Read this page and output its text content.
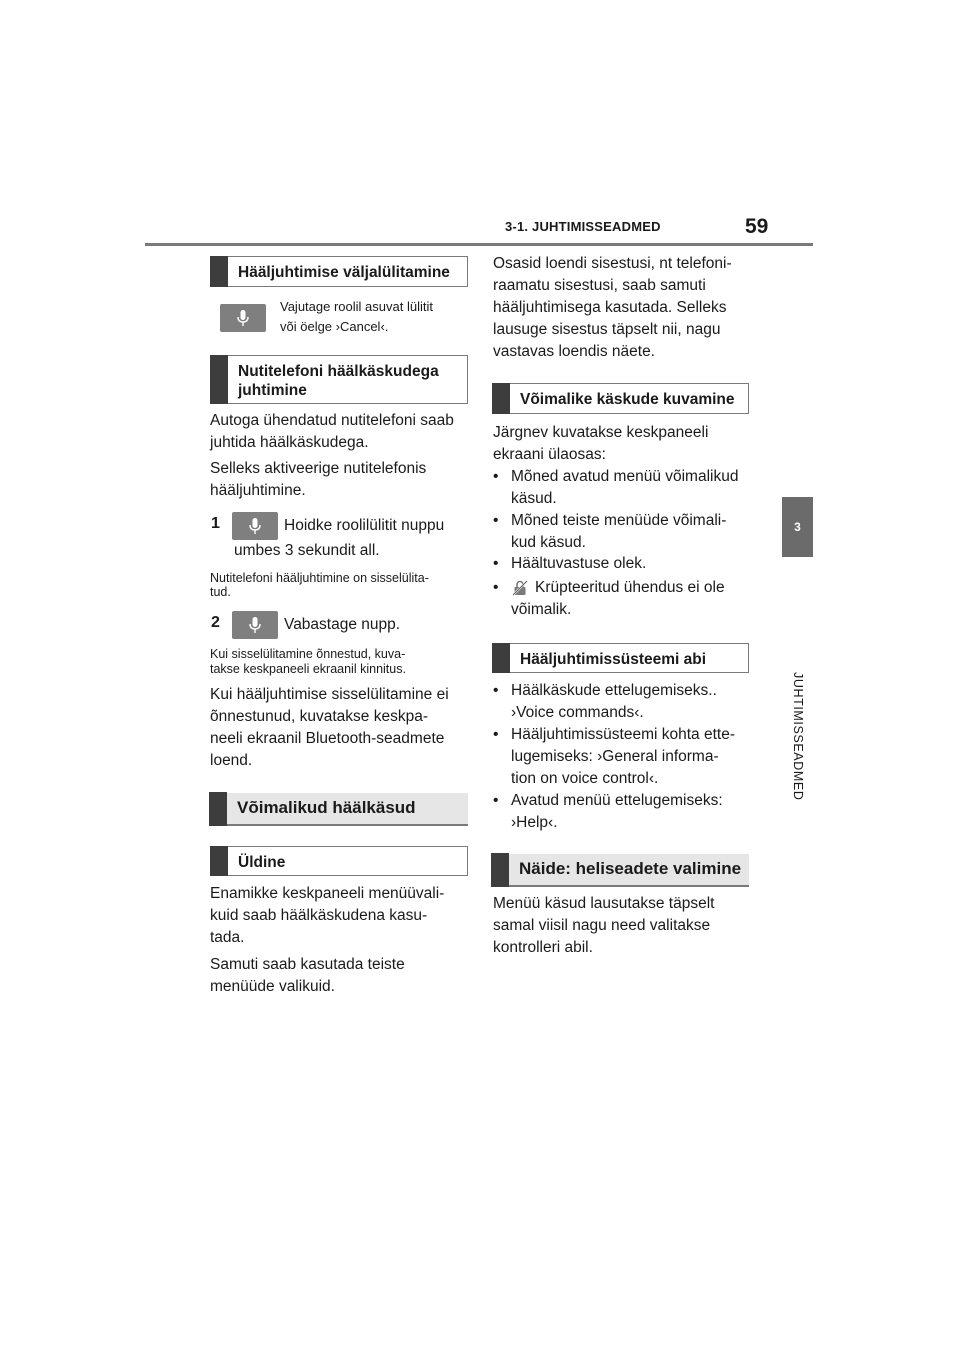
3-1. JUHTIMISSEADMED	59
3
JUHTIMISSEADMED
Hääljuhtimise väljalülitamine
Vajutage roolil asuvat lülitit
või öelge ›Cancel‹.
Nutitelefoni häälkäskudega
juhtimine
Autoga ühendatud nutitelefoni saab
juhtida häälkäskudega.
Selleks aktiveerige nutitelefonis
hääljuhtimine.
1	Hoidke roolilülitit nuppu
umbes 3 sekundit all.
Nutitelefoni hääljuhtimine on sisselülita-
tud.
2	Vabastage nupp.
Kui sisselülitamine õnnestud, kuva-
takse keskpaneeli ekraanil kinnitus.
Kui hääljuhtimise sisselülitamine ei
õnnestunud, kuvatakse keskpa-
neeli ekraanil Bluetooth-seadmete
loend.
Võimalikud häälkäsud
Üldine
Enamikke keskpaneeli menüüvali-
kuid saab häälkäskudena kasu-
tada.
Samuti saab kasutada teiste
menüüde valikuid.
Osasid loendi sisestusi, nt telefoni-
raamatu sisestusi, saab samuti
hääljuhtimisega kasutada. Selleks
lausuge sisestus täpselt nii, nagu
vastavas loendis näete.
Võimalike käskude kuvamine
Järgnev kuvatakse keskpaneeli
ekraani ülaosas:
• Mõned avatud menüü võimalikud
käsud.
• Mõned teiste menüüde võimali-
kud käsud.
• Häältuvastuse olek.
• Krüpteeritud ühendus ei ole
võimalik.
Hääljuhtimissüsteemi abi
• Häälkäskude ettelugemiseks..
›Voice commands‹.
• Hääljuhtimissüsteemi kohta ette-
lugemiseks: ›General informa-
tion on voice control‹.
• Avatud menüü ettelugemiseks:
›Help‹.
Näide: heliseadete valimine
Menüü käsud lausutakse täpselt
samal viisil nagu need valitakse
kontrolleri abil.
